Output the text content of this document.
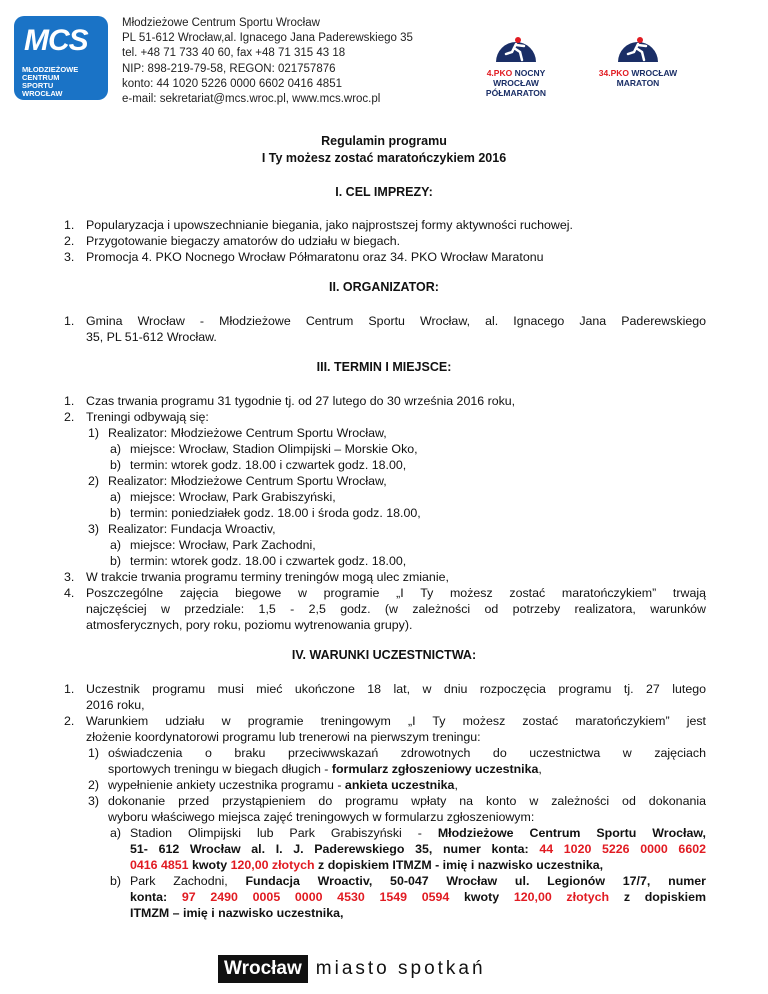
MCS
MŁODZIEŻOWE
CENTRUM
SPORTU
WROCŁAW
Młodzieżowe Centrum Sportu Wrocław
PL 51-612 Wrocław,al. Ignacego Jana Paderewskiego 35
tel. +48 71 733 40 60, fax +48 71 315 43 18
NIP: 898-219-79-58, REGON: 021757876
konto: 44 1020 5226 0000 6602 0416 4851
e-mail: sekretariat@mcs.wroc.pl, www.mcs.wroc.pl
4.PKO NOCNY WROCŁAW
PÓŁMARATON
34.PKO WROCŁAW
MARATON
Regulamin programu
I Ty możesz zostać maratończykiem 2016
I. CEL IMPREZY:
1. Popularyzacja i upowszechnianie biegania, jako najprostszej formy aktywności ruchowej.
2. Przygotowanie biegaczy amatorów do udziału w biegach.
3. Promocja 4. PKO Nocnego Wrocław Półmaratonu oraz 34. PKO Wrocław Maratonu
II. ORGANIZATOR:
1. Gmina Wrocław - Młodzieżowe Centrum Sportu Wrocław, al. Ignacego Jana Paderewskiego
35, PL 51-612 Wrocław.
III. TERMIN I MIEJSCE:
1. Czas trwania programu 31 tygodnie tj. od 27 lutego do 30 września 2016 roku,
2. Treningi odbywają się:
1) Realizator: Młodzieżowe Centrum Sportu Wrocław,
a) miejsce: Wrocław, Stadion Olimpijski – Morskie Oko,
b) termin: wtorek godz. 18.00 i czwartek godz. 18.00,
2) Realizator: Młodzieżowe Centrum Sportu Wrocław,
a) miejsce: Wrocław, Park Grabiszyński,
b) termin: poniedziałek godz. 18.00 i środa godz. 18.00,
3) Realizator: Fundacja Wroactiv,
a) miejsce: Wrocław, Park Zachodni,
b) termin: wtorek godz. 18.00 i czwartek godz. 18.00,
3. W trakcie trwania programu terminy treningów mogą ulec zmianie,
4. Poszczególne zajęcia biegowe w programie „I Ty możesz zostać maratończykiem” trwają
najczęściej w przedziale: 1,5 - 2,5 godz. (w zależności od potrzeby realizatora, warunków
atmosferycznych, pory roku, poziomu wytrenowania grupy).
IV. WARUNKI UCZESTNICTWA:
1. Uczestnik programu musi mieć ukończone 18 lat, w dniu rozpoczęcia programu tj. 27 lutego
2016 roku,
2. Warunkiem udziału w programie treningowym „I Ty możesz zostać maratończykiem” jest
złożenie koordynatorowi programu lub trenerowi na pierwszym treningu:
1) oświadczenia o braku przeciwwskazań zdrowotnych do uczestnictwa w zajęciach
sportowych treningu w biegach długich - formularz zgłoszeniowy uczestnika,
2) wypełnienie ankiety uczestnika programu - ankieta uczestnika,
3) dokonanie przed przystąpieniem do programu wpłaty na konto w zależności od dokonania
wyboru właściwego miejsca zajęć treningowych w formularzu zgłoszeniowym:
a) Stadion Olimpijski lub Park Grabiszyński - Młodzieżowe Centrum Sportu Wrocław,
51- 612 Wrocław al. I. J. Paderewskiego 35, numer konta: 44 1020 5226 0000 6602
0416 4851 kwoty 120,00 złotych z dopiskiem ITMZM - imię i nazwisko uczestnika,
b) Park Zachodni, Fundacja Wroactiv, 50-047 Wrocław ul. Legionów 17/7, numer
konta: 97 2490 0005 0000 4530 1549 0594 kwoty 120,00 złotych z dopiskiem
ITMZM – imię i nazwisko uczestnika,
Wrocław miasto spotkań
